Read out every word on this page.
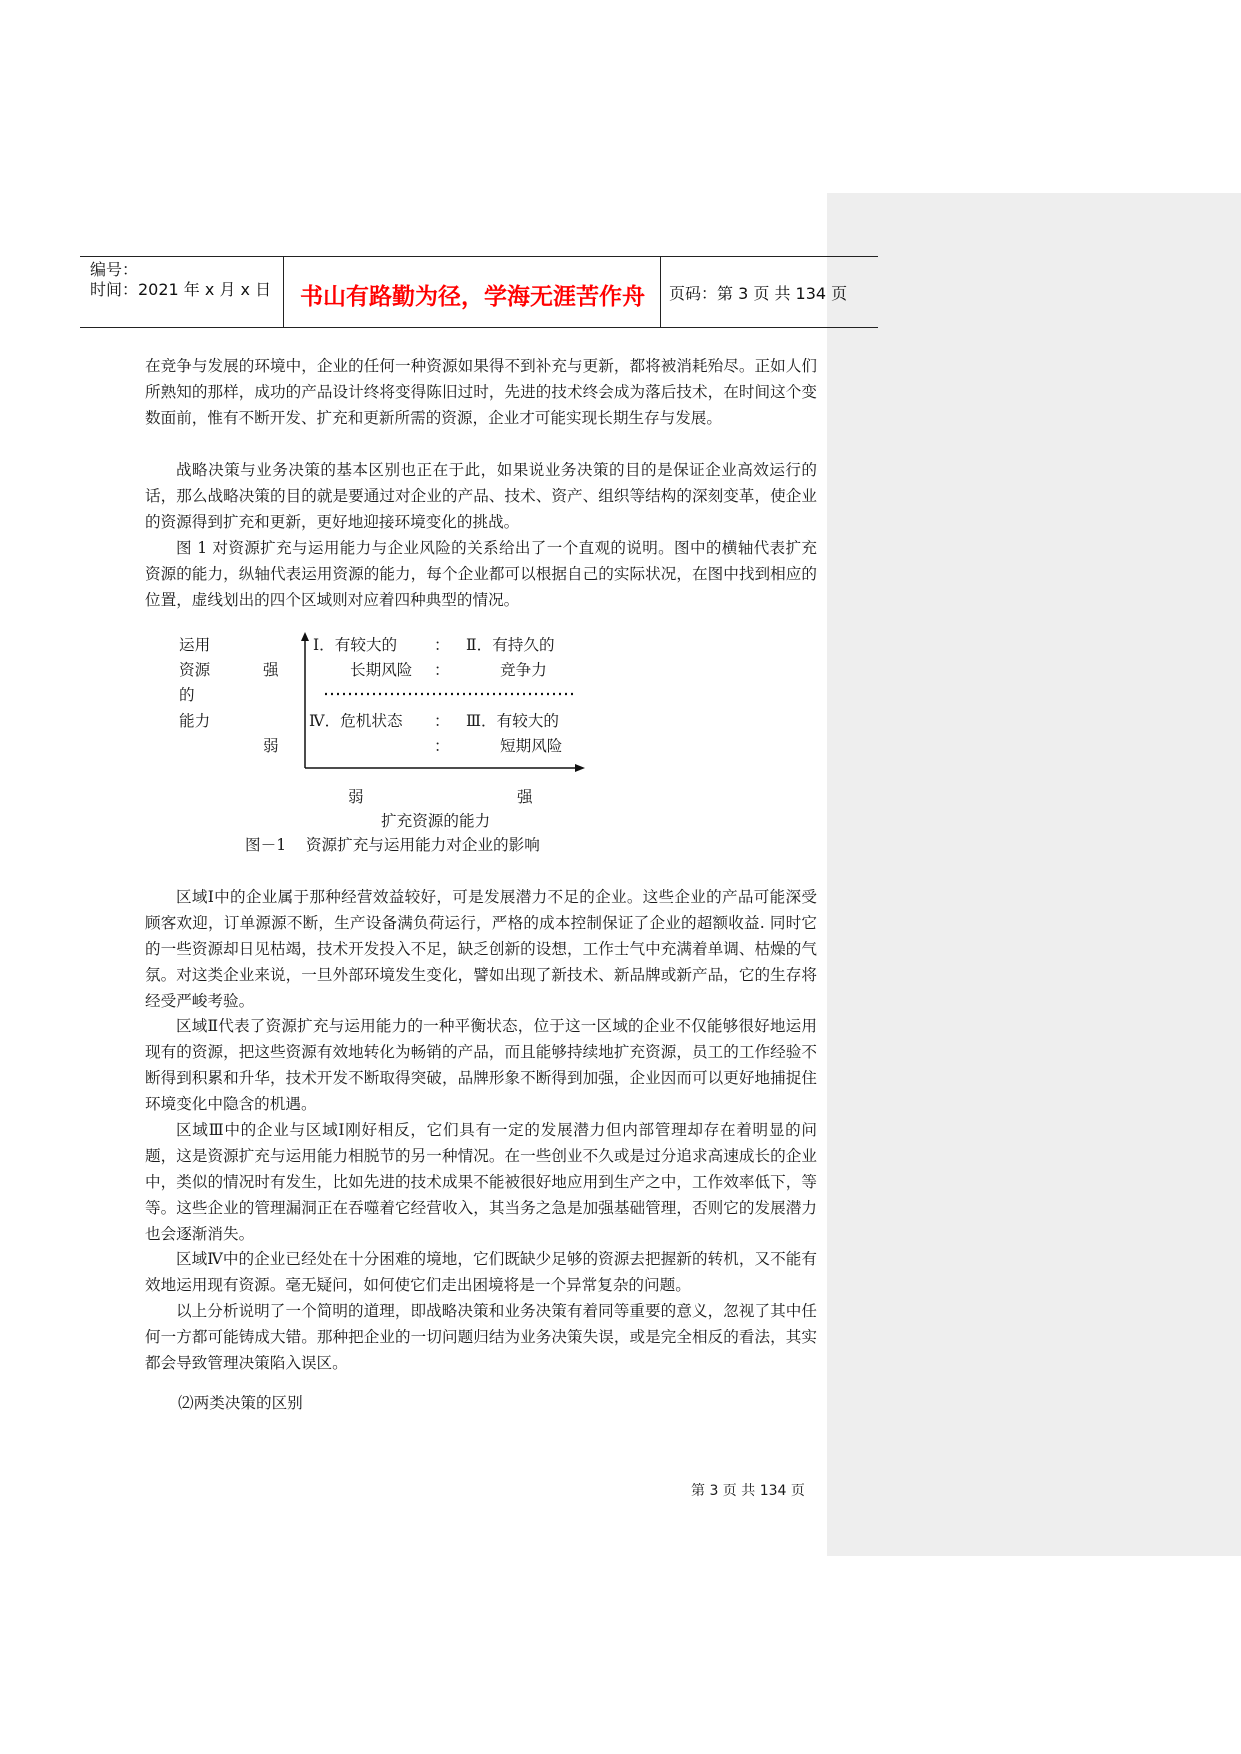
编号：
时间：2021 年 x 月 x 日	书山有路勤为径，学海无涯苦作舟	页码：第 3 页 共 134 页
在竞争与发展的环境中，企业的任何一种资源如果得不到补充与更新，都将被消耗殆尽。正如人们所熟知的那样，成功的产品设计终将变得陈旧过时，先进的技术终会成为落后技术，在时间这个变数面前，惟有不断开发、扩充和更新所需的资源，企业才可能实现长期生存与发展。
战略决策与业务决策的基本区别也正在于此，如果说业务决策的目的是保证企业高效运行的话，那么战略决策的目的就是要通过对企业的产品、技术、资产、组织等结构的深刻变革，使企业的资源得到扩充和更新，更好地迎接环境变化的挑战。
图 1 对资源扩充与运用能力与企业风险的关系给出了一个直观的说明。图中的横轴代表扩充资源的能力，纵轴代表运用资源的能力，每个企业都可以根据自己的实际状况，在图中找到相应的位置，虚线划出的四个区域则对应着四种典型的情况。
运用
资源
的
能力
强
弱
Ⅰ．有较大的
长期风险
：
：
Ⅱ．有持久的
竞争力
Ⅳ．危机状态 ：
：
Ⅲ．有较大的
短期风险
弱	强
扩充资源的能力
图－1    资源扩充与运用能力对企业的影响
区域Ⅰ中的企业属于那种经营效益较好，可是发展潜力不足的企业。这些企业的产品可能深受顾客欢迎，订单源源不断，生产设备满负荷运行，严格的成本控制保证了企业的超额收益. 同时它的一些资源却日见枯竭，技术开发投入不足，缺乏创新的设想，工作士气中充满着单调、枯燥的气氛。对这类企业来说，一旦外部环境发生变化，譬如出现了新技术、新品牌或新产品，它的生存将经受严峻考验。
区域Ⅱ代表了资源扩充与运用能力的一种平衡状态，位于这一区域的企业不仅能够很好地运用现有的资源，把这些资源有效地转化为畅销的产品，而且能够持续地扩充资源，员工的工作经验不断得到积累和升华，技术开发不断取得突破，品牌形象不断得到加强，企业因而可以更好地捕捉住环境变化中隐含的机遇。
区域Ⅲ中的企业与区域Ⅰ刚好相反，它们具有一定的发展潜力但内部管理却存在着明显的问题，这是资源扩充与运用能力相脱节的另一种情况。在一些创业不久或是过分追求高速成长的企业中，类似的情况时有发生，比如先进的技术成果不能被很好地应用到生产之中，工作效率低下，等等。这些企业的管理漏洞正在吞噬着它经营收入，其当务之急是加强基础管理，否则它的发展潜力也会逐渐消失。
区域Ⅳ中的企业已经处在十分困难的境地，它们既缺少足够的资源去把握新的转机，又不能有效地运用现有资源。毫无疑问，如何使它们走出困境将是一个异常复杂的问题。
以上分析说明了一个简明的道理，即战略决策和业务决策有着同等重要的意义，忽视了其中任何一方都可能铸成大错。那种把企业的一切问题归结为业务决策失误，或是完全相反的看法，其实都会导致管理决策陷入误区。
⑵两类决策的区别
第 3 页 共 134 页
